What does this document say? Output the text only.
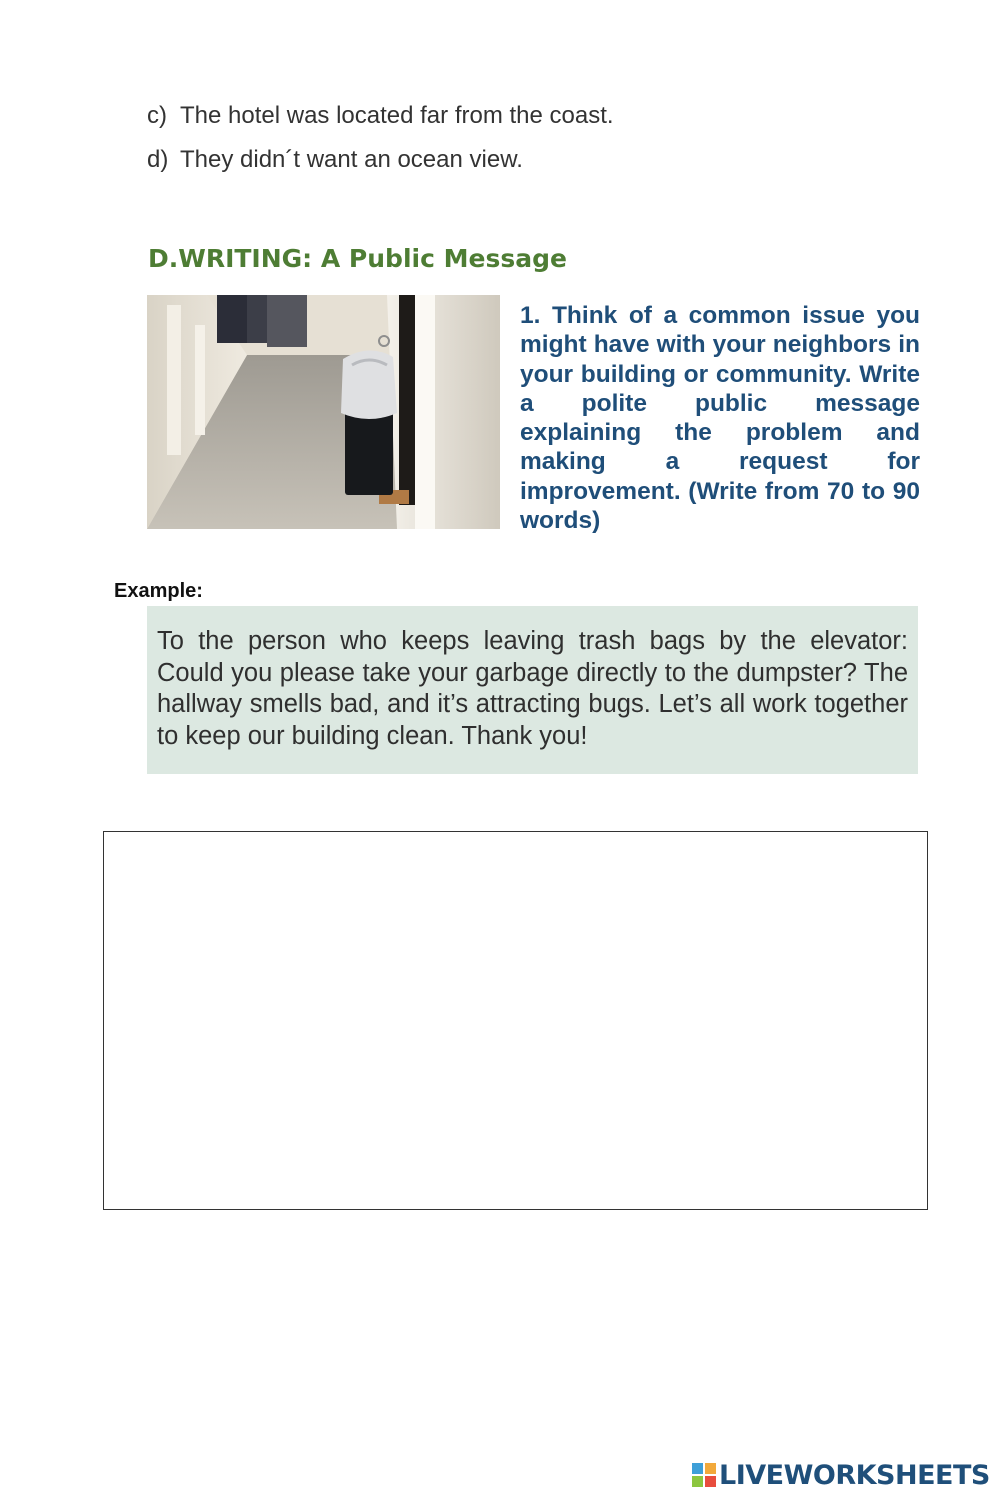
c) The hotel was located far from the coast.
d) They didn´t want an ocean view.
D.WRITING: A Public Message
1. Think of a common issue you might have with your neighbors in your building or community. Write a polite public message explaining the problem and making a request for improvement. (Write from 70 to 90 words)
Example:
To the person who keeps leaving trash bags by the elevator: Could you please take your garbage directly to the dumpster? The hallway smells bad, and it’s attracting bugs. Let’s all work together to keep our building clean. Thank you!
LIVEWORKSHEETS
